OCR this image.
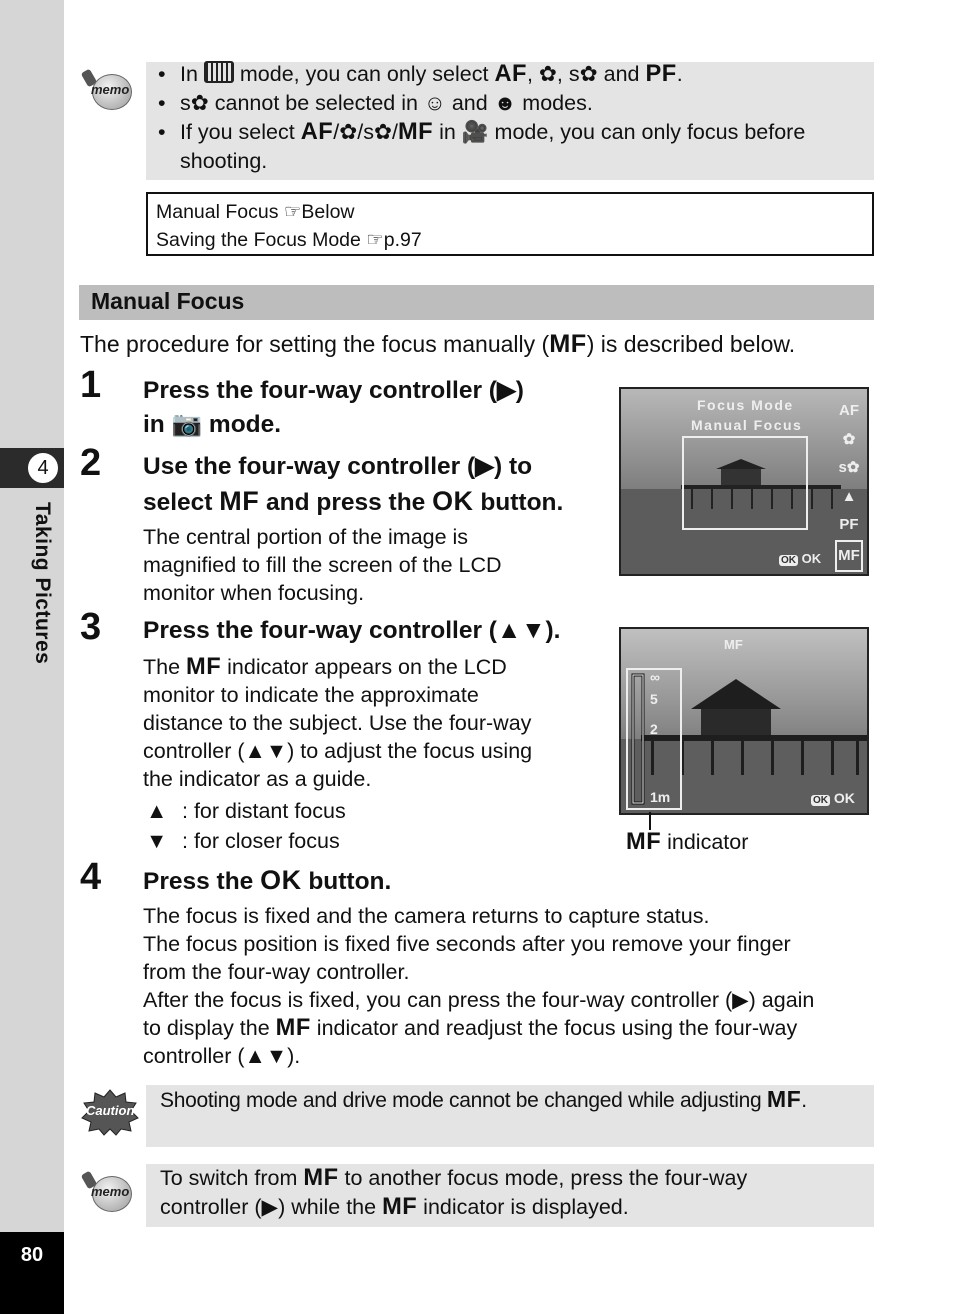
4
Taking Pictures
80
memo
• In  mode, you can only select AF, ✿, s✿ and PF.
• s✿ cannot be selected in ☺ and ☻ modes.
• If you select AF/✿/s✿/MF in 🎥 mode, you can only focus before
shooting.
Manual Focus ☞Below
Saving the Focus Mode ☞p.97
Manual Focus
The procedure for setting the focus manually (MF) is described below.
1 Press the four-way controller (▶)
in 📷 mode.
2 Use the four-way controller (▶) to
select MF and press the OK button.
The central portion of the image is
magnified to fill the screen of the LCD
monitor when focusing.
3 Press the four-way controller (▲▼).
The MF indicator appears on the LCD
monitor to indicate the approximate
distance to the subject. Use the four-way
controller (▲▼) to adjust the focus using
the indicator as a guide.
▲ : for distant focus
▼ : for closer focus
Focus Mode
Manual Focus
AF
✿
s✿
▲
PF
MF
OK OK
MF
∞
5
2
1m	OK OK
MF indicator
4 Press the OK button.
The focus is fixed and the camera returns to capture status.
The focus position is fixed five seconds after you remove your finger
from the four-way controller.
After the focus is fixed, you can press the four-way controller (▶) again
to display the MF indicator and readjust the focus using the four-way
controller (▲▼).
Caution Shooting mode and drive mode cannot be changed while adjusting MF.
memo
To switch from MF to another focus mode, press the four-way
controller (▶) while the MF indicator is displayed.
